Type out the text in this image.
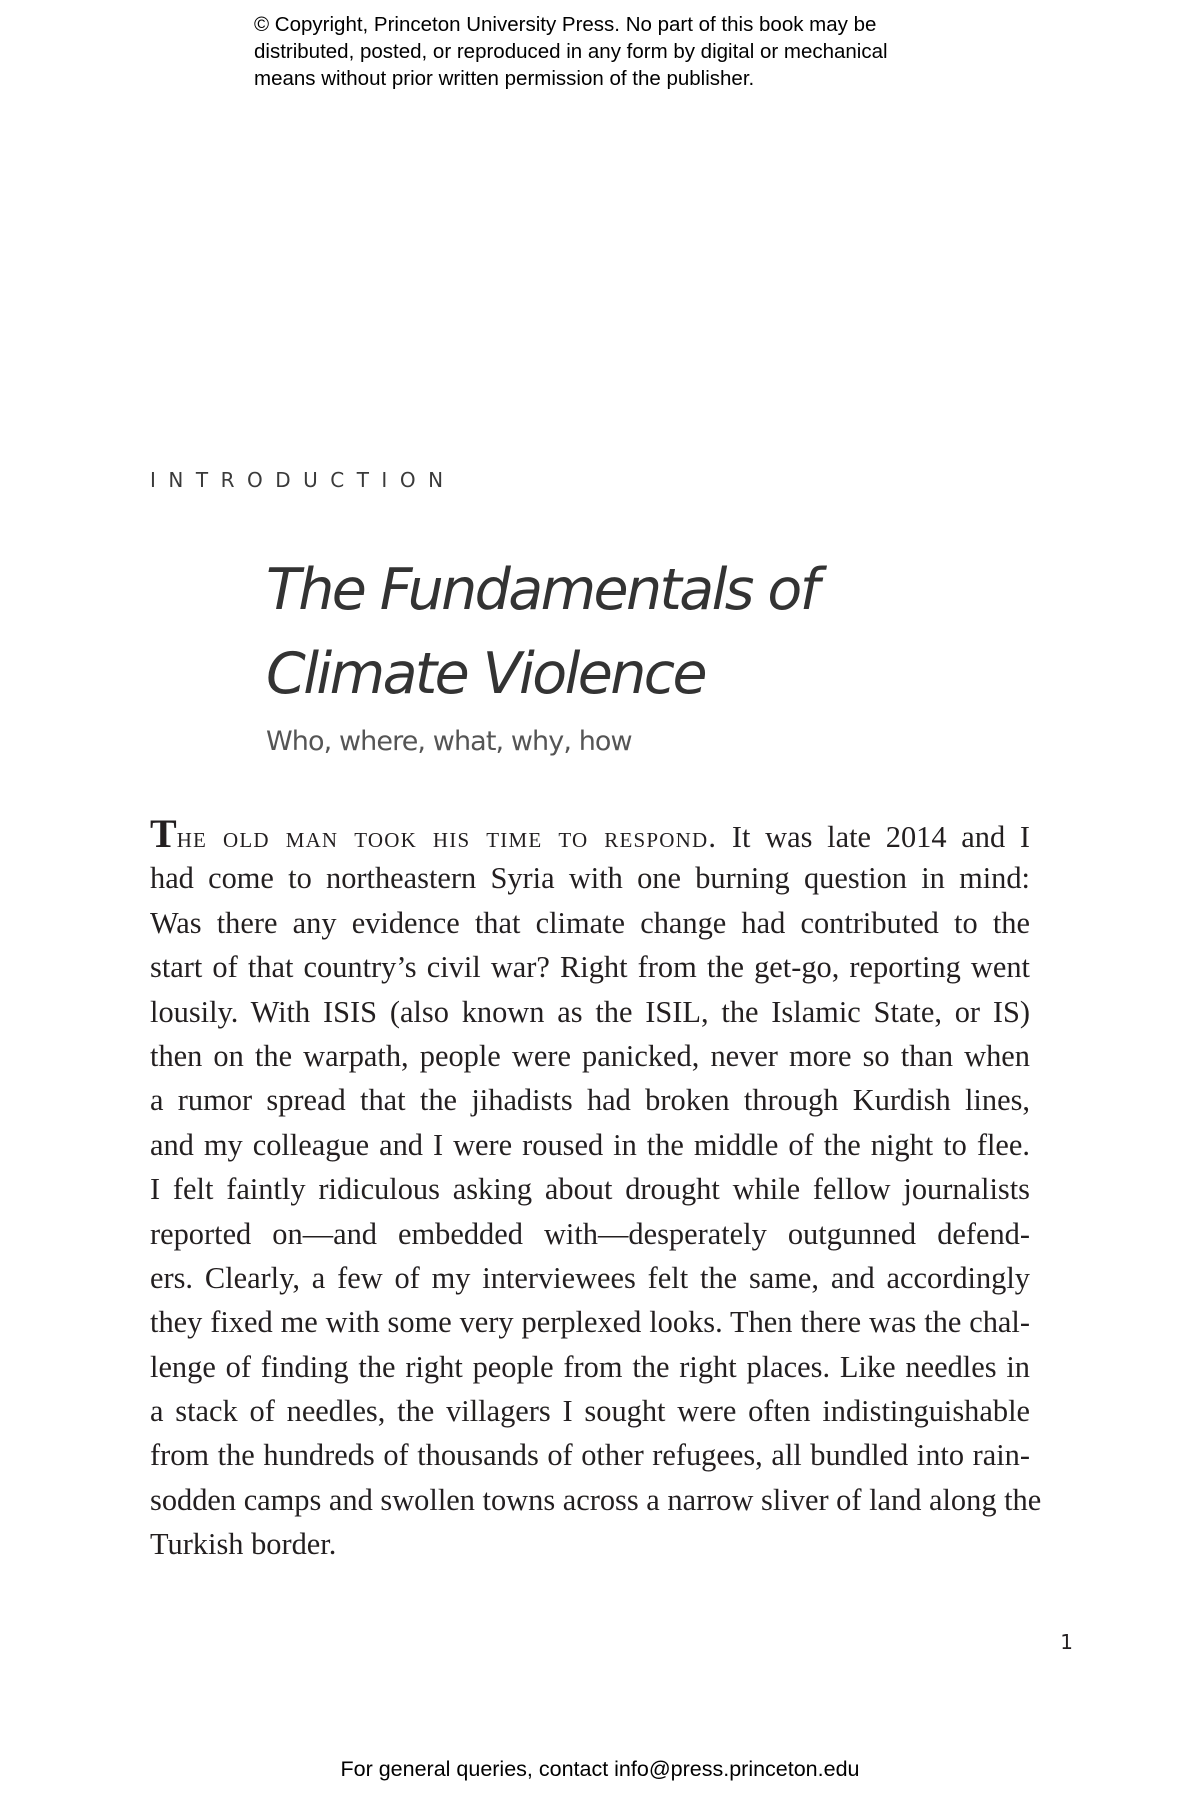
© Copyright, Princeton University Press. No part of this book may be
distributed, posted, or reproduced in any form by digital or mechanical
means without prior written permission of the publisher.
INTRODUCTION
The Fundamentals of
Climate Violence

Who, where, what, why, how

The old man took his time to respond. It was late 2014 and I
had come to northeastern Syria with one burning question in mind:
Was there any evidence that climate change had contributed to the
start of that country’s civil war? Right from the get-go, reporting went
lousily. With ISIS (also known as the ISIL, the Islamic State, or IS)
then on the warpath, people were panicked, never more so than when
a rumor spread that the jihadists had broken through Kurdish lines,
and my colleague and I were roused in the middle of the night to flee.
I felt faintly ridiculous asking about drought while fellow journalists
reported on—and embedded with—desperately outgunned defend-
ers. Clearly, a few of my interviewees felt the same, and accordingly
they fixed me with some very perplexed looks. Then there was the chal-
lenge of finding the right people from the right places. Like needles in
a stack of needles, the villagers I sought were often indistinguishable
from the hundreds of thousands of other refugees, all bundled into rain-
sodden camps and swollen towns across a narrow sliver of land along the
Turkish border.

1

For general queries, contact info@press.princeton.edu
